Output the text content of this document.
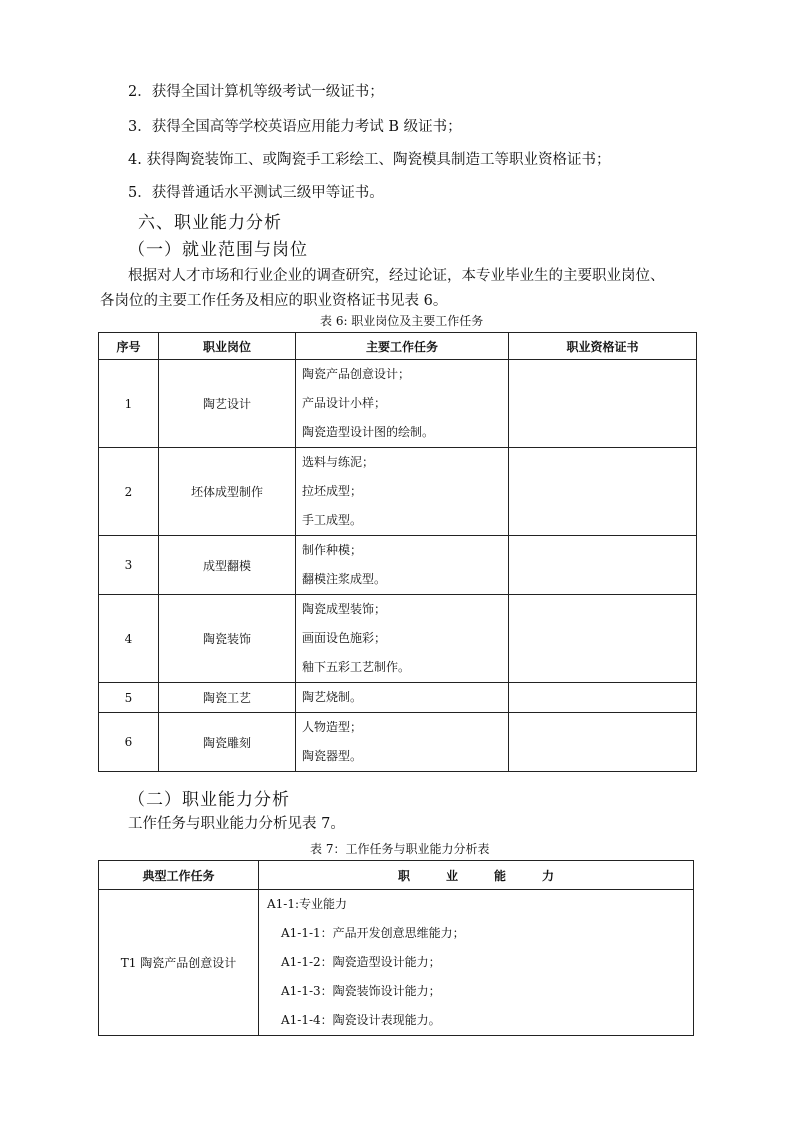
2．获得全国计算机等级考试一级证书；
3．获得全国高等学校英语应用能力考试 B 级证书；
4. 获得陶瓷装饰工、或陶瓷手工彩绘工、陶瓷模具制造工等职业资格证书；
5．获得普通话水平测试三级甲等证书。
六、职业能力分析
（一）就业范围与岗位
根据对人才市场和行业企业的调查研究，经过论证，本专业毕业生的主要职业岗位、
各岗位的主要工作任务及相应的职业资格证书见表 6。
表 6: 职业岗位及主要工作任务
序号	职业岗位	主要工作任务	职业资格证书
1	陶艺设计	陶瓷产品创意设计；
产品设计小样；
陶瓷造型设计图的绘制。	

2	坯体成型制作	选料与练泥；
拉坯成型；
手工成型。	

3	成型翻模	制作种模；
翻模注浆成型。	

4	陶瓷装饰	陶瓷成型装饰；
画面设色施彩；
釉下五彩工艺制作。	

5	陶瓷工艺	陶艺烧制。	

6	陶瓷雕刻	人物造型；
陶瓷器型。	

（二）职业能力分析
工作任务与职业能力分析见表 7。
表 7：工作任务与职业能力分析表
典型工作任务	职　　　业　　　能　　　力
T1 陶瓷产品创意设计	A1-1:专业能力
A1-1-1：产品开发创意思维能力；
A1-1-2：陶瓷造型设计能力；
A1-1-3：陶瓷装饰设计能力；
A1-1-4：陶瓷设计表现能力。
